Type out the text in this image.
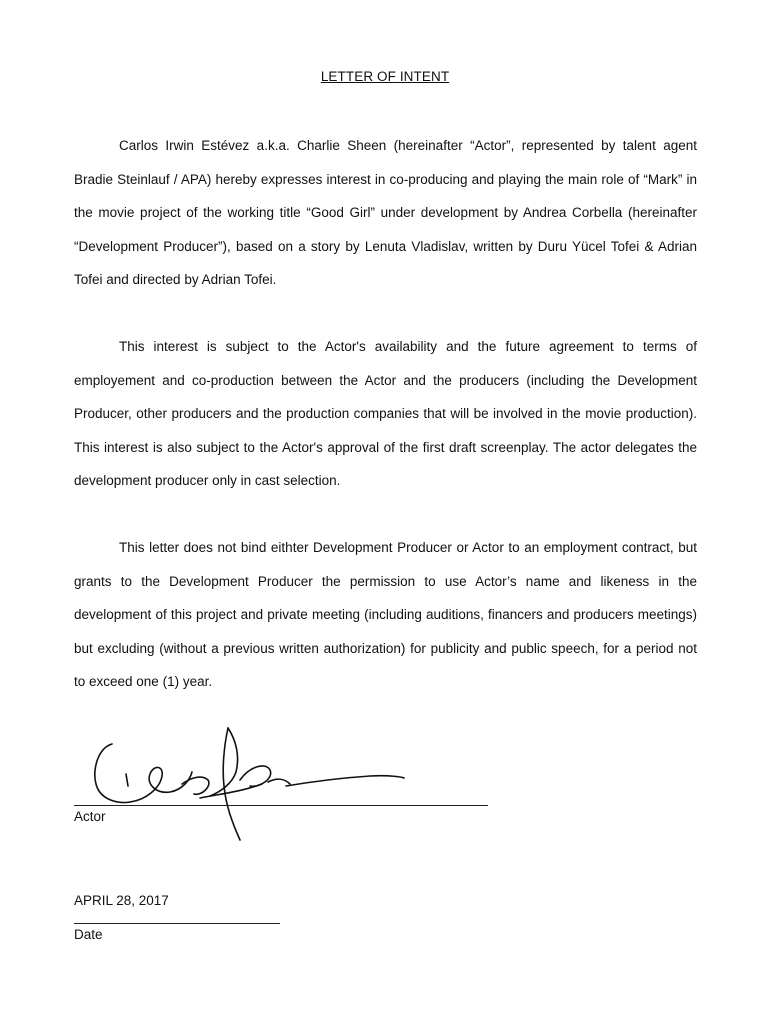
LETTER OF INTENT

Carlos Irwin Estévez a.k.a. Charlie Sheen (hereinafter “Actor”, represented by talent agent Bradie Steinlauf / APA) hereby expresses interest in co-producing and playing the main role of “Mark” in the movie project of the working title “Good Girl” under development by Andrea Corbella (hereinafter “Development Producer”), based on a story by Lenuta Vladislav, written by Duru Yücel Tofei & Adrian Tofei and directed by Adrian Tofei.

This interest is subject to the Actor's availability and the future agreement to terms of employement and co-production between the Actor and the producers (including the Development Producer, other producers and the production companies that will be involved in the movie production). This interest is also subject to the Actor's approval of the first draft screenplay. The actor delegates the development producer only in cast selection.

This letter does not bind eithter Development Producer or Actor to an employment contract, but grants to the Development Producer the permission to use Actor’s name and likeness in the development of this project and private meeting (including auditions, financers and producers meetings) but excluding (without a previous written authorization) for publicity and public speech, for a period not to exceed one (1) year.

Actor
APRIL 28, 2017
Date
